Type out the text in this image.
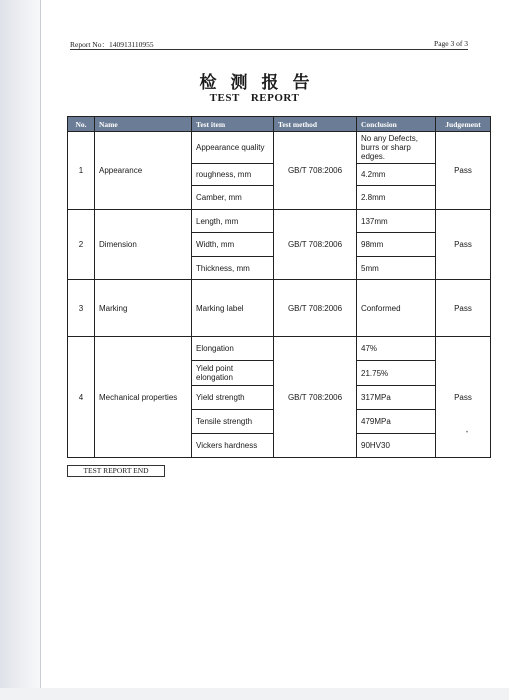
Report No：140913110955	Page 3 of 3
检测报告
TEST REPORT
No.	Name	Test item	Test method	Conclusion	Judgement
1	Appearance	Appearance quality	GB/T 708:2006	No any Defects, burrs or sharp edges.	Pass
		roughness, mm		4.2mm	
		Camber, mm		2.8mm	
2	Dimension	Length, mm	GB/T 708:2006	137mm	Pass
		Width, mm		98mm	
		Thickness, mm		5mm	
3	Marking	Marking label	GB/T 708:2006	Conformed	Pass
4	Mechanical properties	Elongation	GB/T 708:2006	47%	Pass
		Yield point elongation		21.75%	
		Yield strength		317MPa	
		Tensile strength		479MPa	
		Vickers hardness		90HV30	
•
TEST REPORT END
